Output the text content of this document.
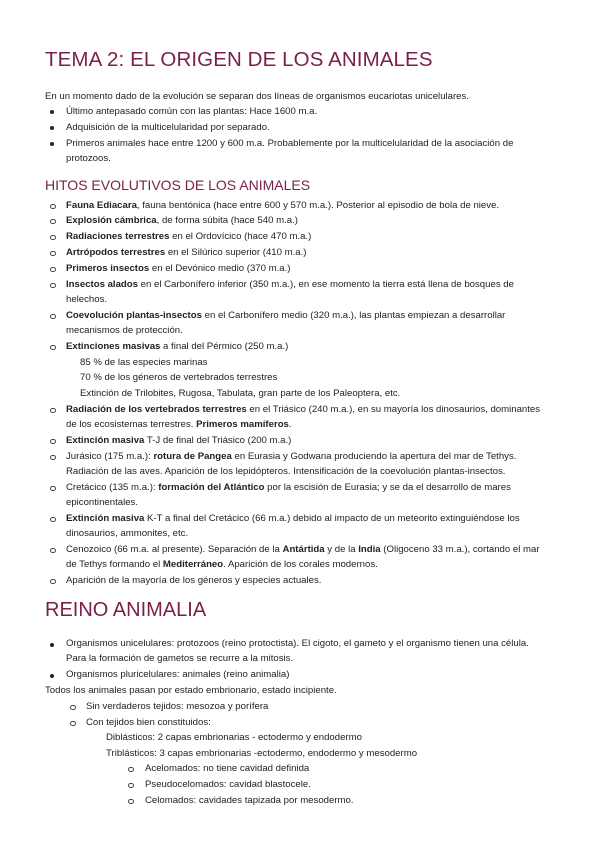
TEMA 2: EL ORIGEN DE LOS ANIMALES
En un momento dado de la evolución se separan dos líneas de organismos eucariotas unicelulares.
Último antepasado común con las plantas: Hace 1600 m.a.
Adquisición de la multicelularidad por separado.
Primeros animales hace entre 1200 y 600 m.a. Probablemente por la multicelularidad de la asociación de
protozoos.
HITOS EVOLUTIVOS DE LOS ANIMALES
Fauna Ediacara, fauna bentónica (hace entre 600 y 570 m.a.). Posterior al episodio de bola de nieve.
Explosión cámbrica, de forma súbita (hace 540 m.a.)
Radiaciones terrestres en el Ordovícico (hace 470 m.a.)
Artrópodos terrestres en el Silúrico superior (410 m.a.)
Primeros insectos en el Devónico medio (370 m.a.)
Insectos alados en el Carbonífero inferior (350 m.a.), en ese momento la tierra está llena de bosques de
helechos.
Coevolución plantas-insectos en el Carbonífero medio (320 m.a.), las plantas empiezan a desarrollar
mecanismos de protección.
Extinciones masivas a final del Pérmico (250 m.a.)
85 % de las especies marinas
70 % de los géneros de vertebrados terrestres
Extinción de Trilobites, Rugosa, Tabulata, gran parte de los Paleoptera, etc.
Radiación de los vertebrados terrestres en el Triásico (240 m.a.), en su mayoría los dinosaurios, dominantes
de los ecosistemas terrestres. Primeros mamíferos.
Extinción masiva T-J de final del Triásico (200 m.a.)
Jurásico (175 m.a.): rotura de Pangea en Eurasia y Godwana produciendo la apertura del mar de Tethys.
Radiación de las aves. Aparición de los lepidópteros. Intensificación de la coevolución plantas-insectos.
Cretácico (135 m.a.): formación del Atlántico por la escisión de Eurasia; y se da el desarrollo de mares
epicontinentales.
Extinción masiva K-T a final del Cretácico (66 m.a.) debido al impacto de un meteorito extinguiéndose los
dinosaurios, ammonites, etc.
Cenozoico (66 m.a. al presente). Separación de la Antártida y de la India (Oligoceno 33 m.a.), cortando el mar
de Tethys formando el Mediterráneo. Aparición de los corales modernos.
Aparición de la mayoría de los géneros y especies actuales.
REINO ANIMALIA
Organismos unicelulares: protozoos (reino protoctista). El cigoto, el gameto y el organismo tienen una célula.
Para la formación de gametos se recurre a la mitosis.
Organismos pluricelulares: animales (reino animalia)
Todos los animales pasan por estado embrionario, estado incipiente.
Sin verdaderos tejidos: mesozoa y porífera
Con tejidos bien constituidos:
Diblásticos: 2 capas embrionarias - ectodermo y endodermo
Triblásticos: 3 capas embrionarias -ectodermo, endodermo y mesodermo
Acelomados: no tiene cavidad definida
Pseudocelomados: cavidad blastocele.
Celomados: cavidades tapizada por mesodermo.
